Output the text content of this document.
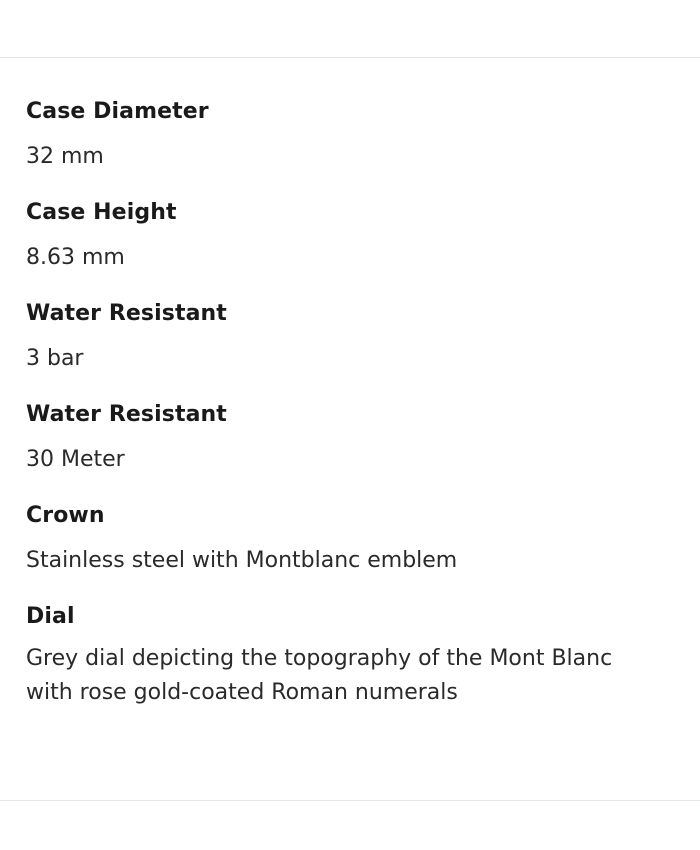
Case Diameter
32 mm
Case Height
8.63 mm
Water Resistant
3 bar
Water Resistant
30 Meter
Crown
Stainless steel with Montblanc emblem
Dial
Grey dial depicting the topography of the Mont Blanc
with rose gold-coated Roman numerals
